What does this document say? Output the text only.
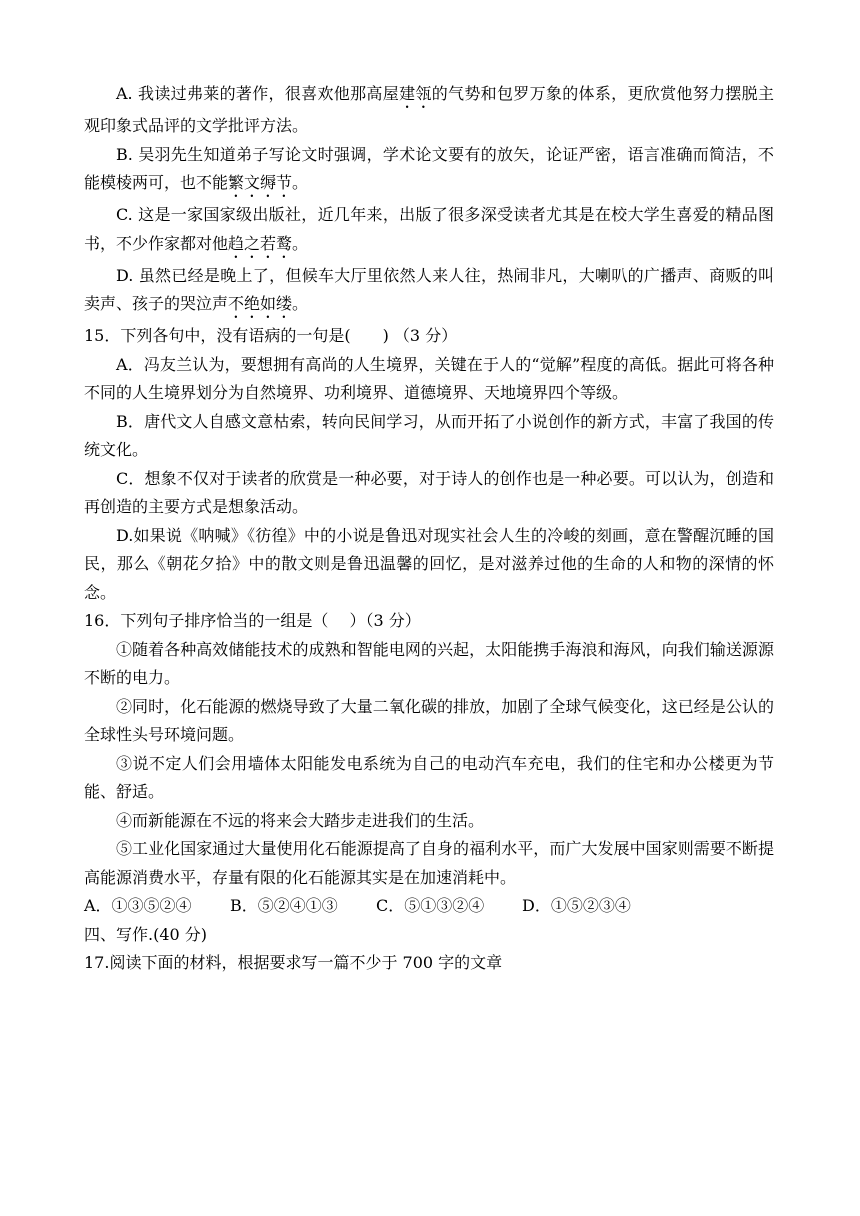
A. 我读过弗莱的著作，很喜欢他那高屋建瓴的气势和包罗万象的体系，更欣赏他努力摆脱主观印象式品评的文学批评方法。

B. 吴羽先生知道弟子写论文时强调，学术论文要有的放矢，论证严密，语言准确而简洁，不能模棱两可，也不能繁文缛节。

C. 这是一家国家级出版社，近几年来，出版了很多深受读者尤其是在校大学生喜爱的精品图书，不少作家都对他趋之若鹜。

D. 虽然已经是晚上了，但候车大厅里依然人来人往，热闹非凡，大喇叭的广播声、商贩的叫卖声、孩子的哭泣声不绝如缕。

15．下列各句中，没有语病的一句是(　　) （3 分）

A．冯友兰认为，要想拥有高尚的人生境界，关键在于人的“觉解”程度的高低。据此可将各种不同的人生境界划分为自然境界、功利境界、道德境界、天地境界四个等级。

B．唐代文人自感文意枯索，转向民间学习，从而开拓了小说创作的新方式，丰富了我国的传统文化。

C．想象不仅对于读者的欣赏是一种必要，对于诗人的创作也是一种必要。可以认为，创造和再创造的主要方式是想象活动。

D.如果说《呐喊》《彷徨》中的小说是鲁迅对现实社会人生的冷峻的刻画，意在警醒沉睡的国民，那么《朝花夕拾》中的散文则是鲁迅温馨的回忆，是对滋养过他的生命的人和物的深情的怀念。

16．下列句子排序恰当的一组是（　 ）（3 分）

①随着各种高效储能技术的成熟和智能电网的兴起，太阳能携手海浪和海风，向我们输送源源不断的电力。

②同时，化石能源的燃烧导致了大量二氧化碳的排放，加剧了全球气候变化，这已经是公认的全球性头号环境问题。

③说不定人们会用墙体太阳能发电系统为自己的电动汽车充电，我们的住宅和办公楼更为节能、舒适。

④而新能源在不远的将来会大踏步走进我们的生活。

⑤工业化国家通过大量使用化石能源提高了自身的福利水平，而广大发展中国家则需要不断提高能源消费水平，存量有限的化石能源其实是在加速消耗中。

A．①③⑤②④ B．⑤②④①③ C．⑤①③②④ D．①⑤②③④

四、写作.(40 分)

17.阅读下面的材料，根据要求写一篇不少于 700 字的文章
